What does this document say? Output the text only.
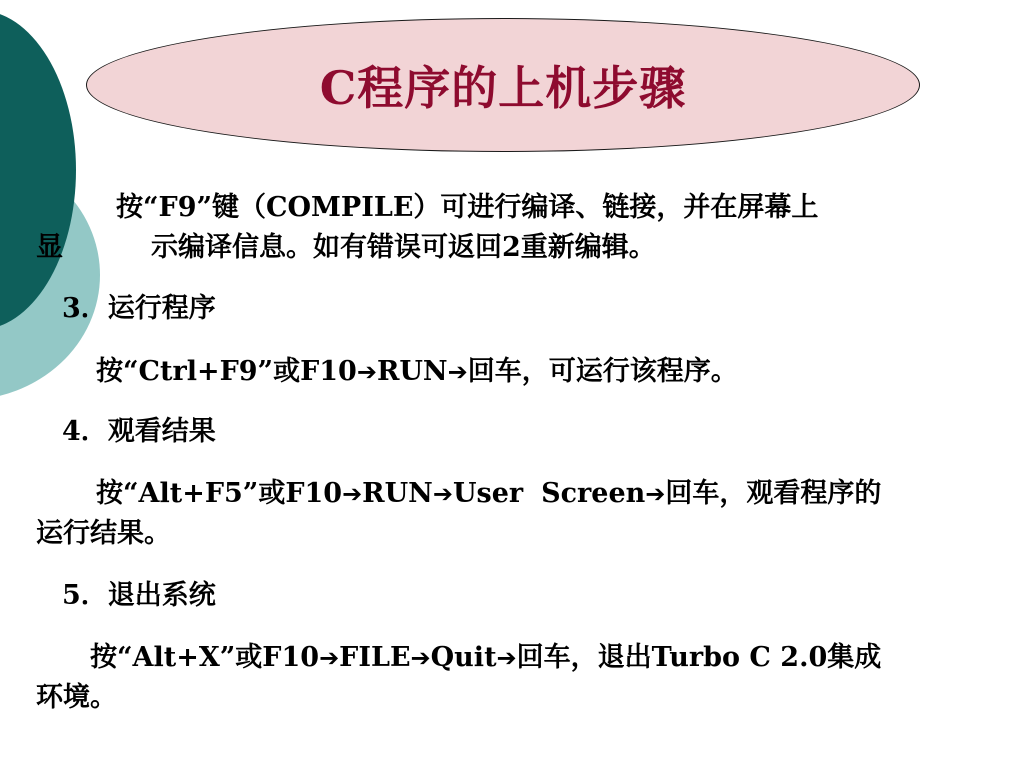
C程序的上机步骤
按“F9”键（COMPILE）可进行编译、链接，并在屏幕上
显	示编译信息。如有错误可返回2重新编辑。
3．运行程序
按“Ctrl+F9”或F10➔RUN➔回车，可运行该程序。
4．观看结果
按“Alt+F5”或F10➔RUN➔User Screen➔回车，观看程序的
运行结果。
5．退出系统
按“Alt+X”或F10➔FILE➔Quit➔回车，退出Turbo C 2.0集成
环境。
